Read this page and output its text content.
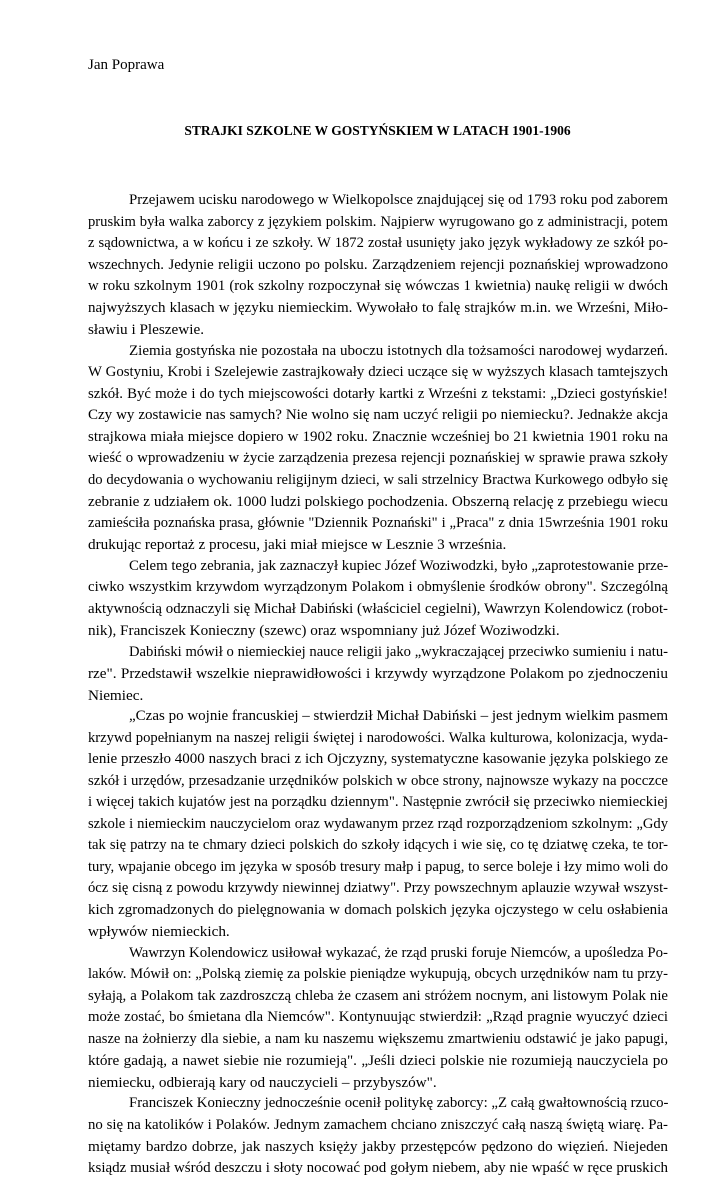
Jan Poprawa
STRAJKI SZKOLNE W GOSTYŃSKIEM W LATACH 1901-1906
Przejawem ucisku narodowego w Wielkopolsce znajdującej się od 1793 roku pod zaborem
pruskim była walka zaborcy z językiem polskim. Najpierw wyrugowano go z administracji, potem
z sądownictwa, a w końcu i ze szkoły. W 1872 został usunięty jako język wykładowy ze szkół po-
wszechnych. Jedynie religii uczono po polsku. Zarządzeniem rejencji poznańskiej wprowadzono
w roku szkolnym 1901 (rok szkolny rozpoczynał się wówczas 1 kwietnia) naukę religii w dwóch
najwyższych klasach w języku niemieckim. Wywołało to falę strajków m.in. we Wrześni, Miło-
sławiu i Pleszewie.
Ziemia gostyńska nie pozostała na uboczu istotnych dla tożsamości narodowej wydarzeń.
W Gostyniu, Krobi i Szelejewie zastrajkowały dzieci uczące się w wyższych klasach tamtejszych
szkół. Być może i do tych miejscowości dotarły kartki z Wrześni z tekstami: „Dzieci gostyńskie!
Czy wy zostawicie nas samych? Nie wolno się nam uczyć religii po niemiecku?. Jednakże akcja
strajkowa miała miejsce dopiero w 1902 roku. Znacznie wcześniej bo 21 kwietnia 1901 roku na
wieść o wprowadzeniu w życie zarządzenia prezesa rejencji poznańskiej w sprawie prawa szkoły
do decydowania o wychowaniu religijnym dzieci, w sali strzelnicy Bractwa Kurkowego odbyło się
zebranie z udziałem ok. 1000 ludzi polskiego pochodzenia. Obszerną relację z przebiegu wiecu
zamieściła poznańska prasa, głównie "Dziennik Poznański" i „Praca" z dnia 15września 1901 roku
drukując reportaż z procesu, jaki miał miejsce w Lesznie 3 września.
Celem tego zebrania, jak zaznaczył kupiec Józef Woziwodzki, było „zaprotestowanie prze-
ciwko wszystkim krzywdom wyrządzonym Polakom i obmyślenie środków obrony". Szczególną
aktywnością odznaczyli się Michał Dabiński (właściciel cegielni), Wawrzyn Kolendowicz (robot-
nik), Franciszek Konieczny (szewc) oraz wspomniany już Józef Woziwodzki.
Dabiński mówił o niemieckiej nauce religii jako „wykraczającej przeciwko sumieniu i natu-
rze". Przedstawił wszelkie nieprawidłowości i krzywdy wyrządzone Polakom po zjednoczeniu
Niemiec.
„Czas po wojnie francuskiej – stwierdził Michał Dabiński – jest jednym wielkim pasmem
krzywd popełnianym na naszej religii świętej i narodowości. Walka kulturowa, kolonizacja, wyda-
lenie przeszło 4000 naszych braci z ich Ojczyzny, systematyczne kasowanie języka polskiego ze
szkół i urzędów, przesadzanie urzędników polskich w obce strony, najnowsze wykazy na pocczce
i więcej takich kujatów jest na porządku dziennym". Następnie zwrócił się przeciwko niemieckiej
szkole i niemieckim nauczycielom oraz wydawanym przez rząd rozporządzeniom szkolnym: „Gdy
tak się patrzy na te chmary dzieci polskich do szkoły idących i wie się, co tę dziatwę czeka, te tor-
tury, wpajanie obcego im języka w sposób tresury małp i papug, to serce boleje i łzy mimo woli do
ócz się cisną z powodu krzywdy niewinnej dziatwy". Przy powszechnym aplauzie wzywał wszyst-
kich zgromadzonych do pielęgnowania w domach polskich języka ojczystego w celu osłabienia
wpływów niemieckich.
Wawrzyn Kolendowicz usiłował wykazać, że rząd pruski foruje Niemców, a upośledza Po-
laków. Mówił on: „Polską ziemię za polskie pieniądze wykupują, obcych urzędników nam tu przy-
syłają, a Polakom tak zazdroszczą chleba że czasem ani stróżem nocnym, ani listowym Polak nie
może zostać, bo śmietana dla Niemców". Kontynuując stwierdził: „Rząd pragnie wyuczyć dzieci
nasze na żołnierzy dla siebie, a nam ku naszemu większemu zmartwieniu odstawić je jako papugi,
które gadają, a nawet siebie nie rozumieją". „Jeśli dzieci polskie nie rozumieją nauczyciela po
niemiecku, odbierają kary od nauczycieli – przybyszów".
Franciszek Konieczny jednocześnie ocenił politykę zaborcy: „Z całą gwałtownością rzuco-
no się na katolików i Polaków. Jednym zamachem chciano zniszczyć całą naszą świętą wiarę. Pa-
miętamy bardzo dobrze, jak naszych księży jakby przestępców pędzono do więzień. Niejeden
ksiądz musiał wśród deszczu i słoty nocować pod gołym niebem, aby nie wpaść w ręce pruskich
